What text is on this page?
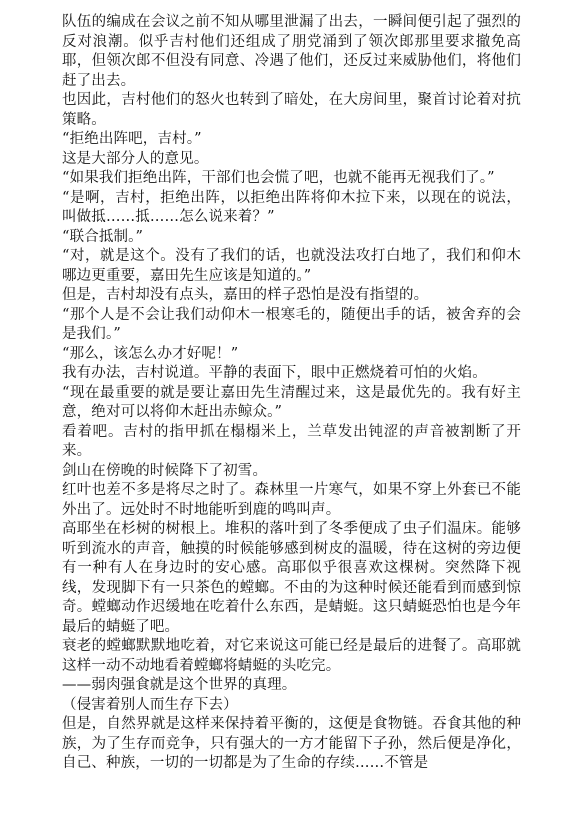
队伍的编成在会议之前不知从哪里泄漏了出去，一瞬间便引起了强烈的反对浪潮。似乎吉村他们还组成了朋党涌到了领次郎那里要求撤免高耶，但领次郎不但没有同意、冷遇了他们，还反过来威胁他们，将他们赶了出去。

也因此，吉村他们的怒火也转到了暗处，在大房间里，聚首讨论着对抗策略。

“拒绝出阵吧，吉村。”

这是大部分人的意见。

“如果我们拒绝出阵，干部们也会慌了吧，也就不能再无视我们了。”

“是啊，吉村，拒绝出阵，以拒绝出阵将仰木拉下来，以现在的说法，叫做抵……抵……怎么说来着？”

“联合抵制。”

“对，就是这个。没有了我们的话，也就没法攻打白地了，我们和仰木哪边更重要，嘉田先生应该是知道的。”

但是，吉村却没有点头，嘉田的样子恐怕是没有指望的。

“那个人是不会让我们动仰木一根寒毛的，随便出手的话，被舍弃的会是我们。”

“那么，该怎么办才好呢！”

我有办法，吉村说道。平静的表面下，眼中正燃烧着可怕的火焰。

“现在最重要的就是要让嘉田先生清醒过来，这是最优先的。我有好主意，绝对可以将仰木赶出赤鲸众。”

看着吧。吉村的指甲抓在榻榻米上，兰草发出钝涩的声音被割断了开来。

剑山在傍晚的时候降下了初雪。

红叶也差不多是将尽之时了。森林里一片寒气，如果不穿上外套已不能外出了。远处时不时地能听到鹿的鸣叫声。

高耶坐在杉树的树根上。堆积的落叶到了冬季便成了虫子们温床。能够听到流水的声音，触摸的时候能够感到树皮的温暖，待在这树的旁边便有一种有人在身边时的安心感。高耶似乎很喜欢这棵树。突然降下视线，发现脚下有一只茶色的螳螂。不由的为这种时候还能看到而感到惊奇。螳螂动作迟缓地在吃着什么东西，是蜻蜓。这只蜻蜓恐怕也是今年最后的蜻蜓了吧。

衰老的螳螂默默地吃着，对它来说这可能已经是最后的进餐了。高耶就这样一动不动地看着螳螂将蜻蜓的头吃完。

——弱肉强食就是这个世界的真理。

（侵害着别人而生存下去）

但是，自然界就是这样来保持着平衡的，这便是食物链。吞食其他的种族，为了生存而竞争，只有强大的一方才能留下子孙，然后便是净化，自己、种族，一切的一切都是为了生命的存续……不管是
